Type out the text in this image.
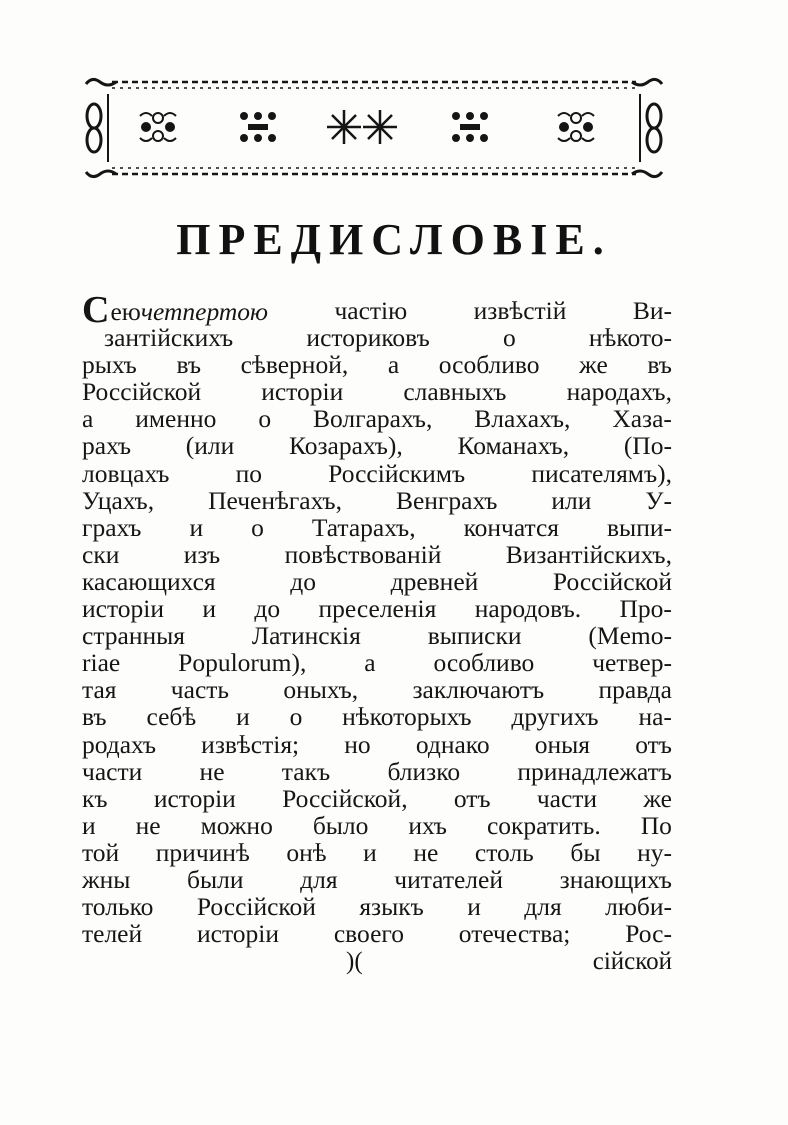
ПРЕДИСЛОВІЕ.
Сеючетпертою	частію	извѣстій	Ви-
зантійскихъ	историковъ	о	нѣкото-
рыхъ въ сѣверной, а особливо же въ
Россійской исторіи славныхъ народахъ,
а именно о Волгарахъ, Влахахъ, Хаза-
рахъ (или Козарахъ), Команахъ, (По-
ловцахъ	по	Россійскимъ	писателямъ),
Уцахъ, Печенѣгахъ, Венграхъ или У-
грахъ и о Татарахъ, кончатся выпи-
ски	изъ	повѣствованій	Византійскихъ,
касающихся	до	древней	Россійской
исторіи и до преселенія народовъ. Про-
странныя	Латинскія	выписки	(Memo-
riae Populorum), а особливо четвер-
тая часть оныхъ, заключаютъ правда
въ себѣ и о нѣкоторыхъ другихъ на-
родахъ извѣстія; но однако оныя отъ
части не такъ близко принадлежатъ
къ исторіи Россійской, отъ части же
и не можно было ихъ сократить. По
той причинѣ онѣ и не столь бы ну-
жны были для читателей знающихъ
только Россійской языкъ и для люби-
телей исторіи своего отечества; Рос-
)(	сійской
